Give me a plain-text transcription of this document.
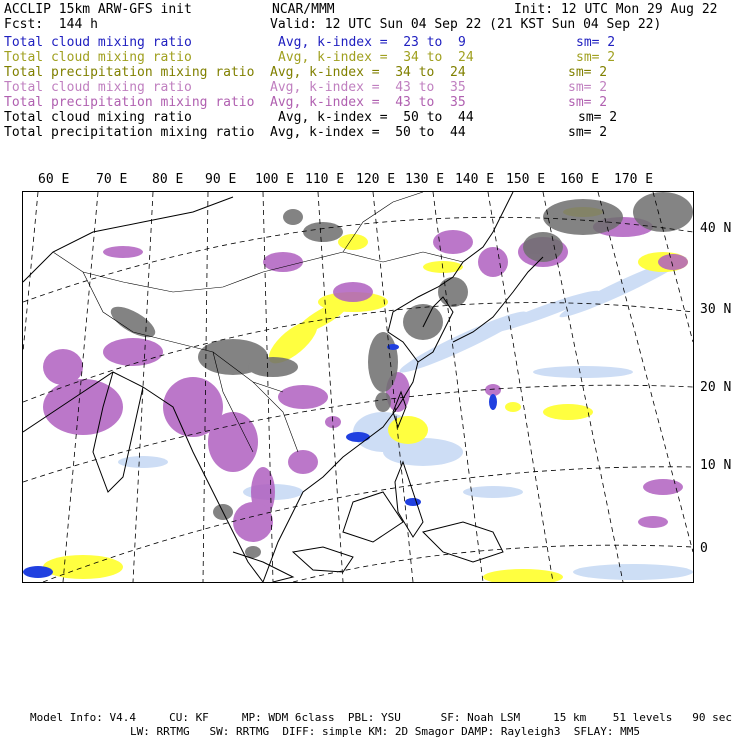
ACCLIP 15km ARW-GFS init	NCAR/MMM	Init: 12 UTC Mon 29 Aug 22
Fcst:  144 h	Valid: 12 UTC Sun 04 Sep 22 (21 KST Sun 04 Sep 22)
Total cloud mixing ratio	Avg, k-index =  23 to  9	sm= 2
Total cloud mixing ratio	Avg, k-index =  34 to  24	sm= 2
Total precipitation mixing ratio Avg, k-index =  34 to  24	sm= 2
Total cloud mixing ratio	Avg, k-index =  43 to  35	sm= 2
Total precipitation mixing ratio Avg, k-index =  43 to  35	sm= 2
Total cloud mixing ratio	Avg, k-index =  50 to  44	sm= 2
Total precipitation mixing ratio Avg, k-index =  50 to  44	sm= 2
60 E 70 E 80 E 90 E 100 E 110 E 120 E 130 E 140 E 150 E 160 E 170 E
40 N
30 N
20 N
10 N
0
Model Info: V4.4     CU: KF     MP: WDM 6class  PBL: YSU      SF: Noah LSM     15 km    51 levels   90 sec
LW: RRTMG   SW: RRTMG  DIFF: simple KM: 2D Smagor DAMP: Rayleigh3  SFLAY: MM5
